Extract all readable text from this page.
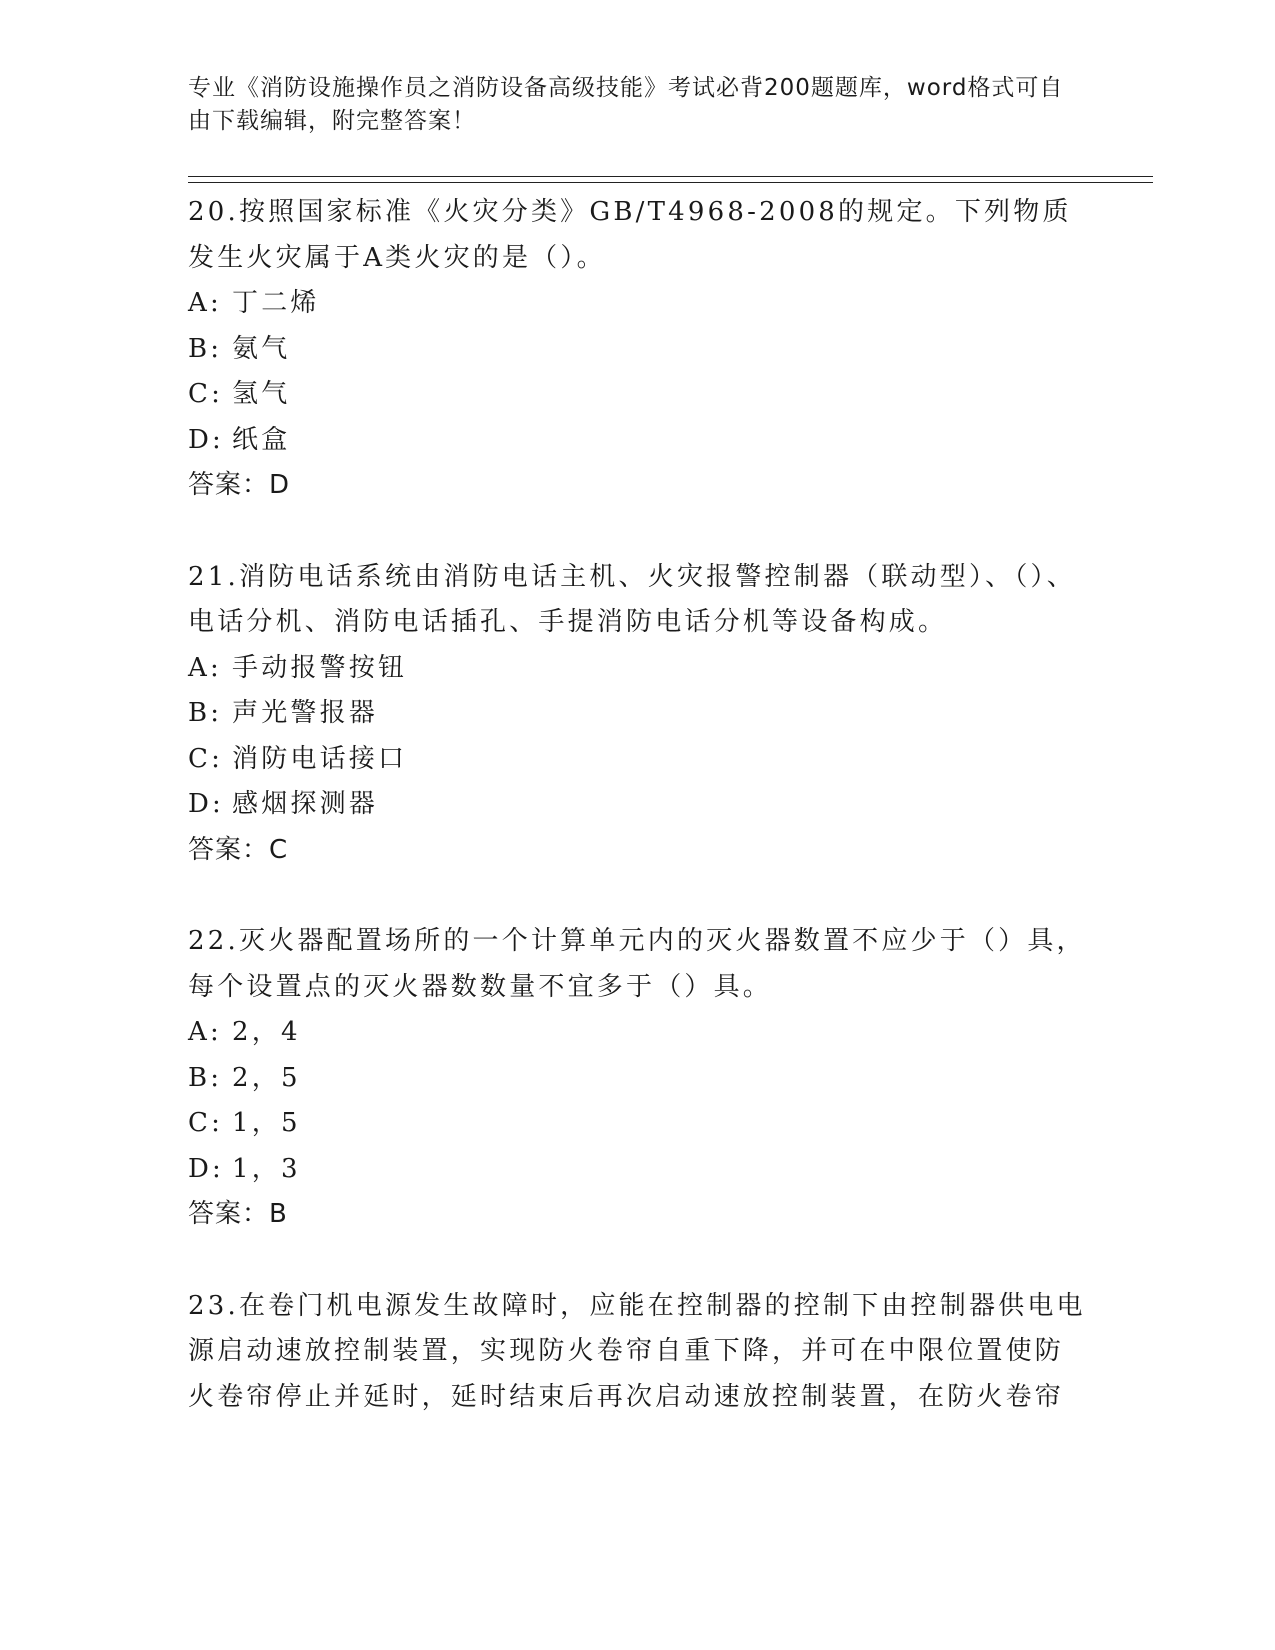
专业《消防设施操作员之消防设备高级技能》考试必背200题题库，word格式可自由下载编辑，附完整答案！

20.按照国家标准《火灾分类》GB/T4968-2008的规定。下列物质发生火灾属于A类火灾的是（）。

A: 丁二烯

B: 氨气

C: 氢气

D: 纸盒

答案：D

21.消防电话系统由消防电话主机、火灾报警控制器（联动型）、（）、电话分机、消防电话插孔、手提消防电话分机等设备构成。

A: 手动报警按钮

B: 声光警报器

C: 消防电话接口

D: 感烟探测器

答案：C

22.灭火器配置场所的一个计算单元内的灭火器数置不应少于（）具，每个设置点的灭火器数数量不宜多于（）具。

A: 2，4

B: 2，5

C: 1，5

D: 1，3

答案：B

23.在卷门机电源发生故障时，应能在控制器的控制下由控制器供电电源启动速放控制装置，实现防火卷帘自重下降，并可在中限位置使防火卷帘停止并延时，延时结束后再次启动速放控制装置，在防火卷帘
